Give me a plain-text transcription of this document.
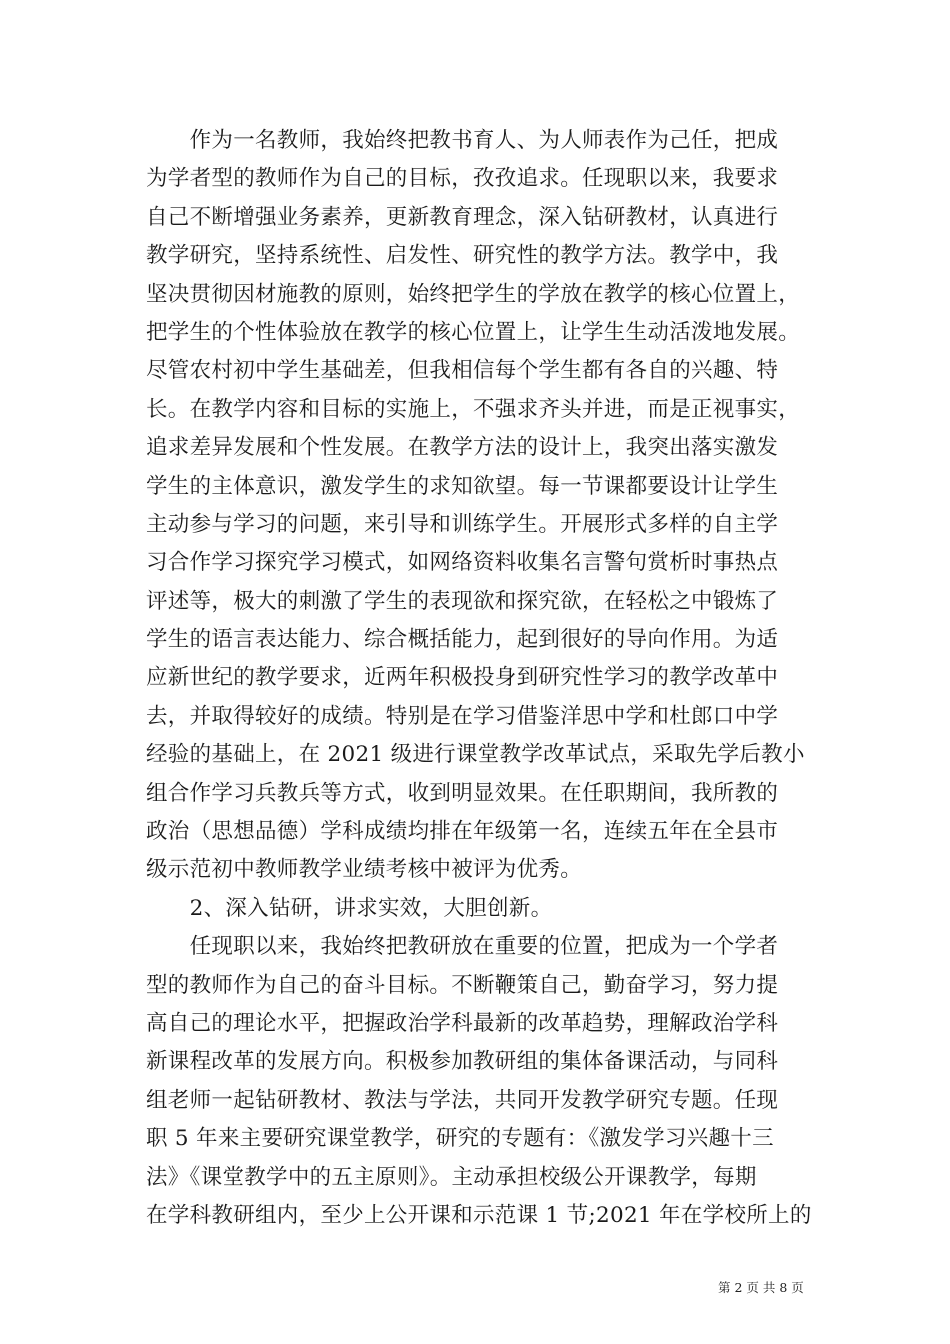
　　作为一名教师，我始终把教书育人、为人师表作为己任，把成
为学者型的教师作为自己的目标，孜孜追求。任现职以来，我要求
自己不断增强业务素养，更新教育理念，深入钻研教材，认真进行
教学研究，坚持系统性、启发性、研究性的教学方法。教学中，我
坚决贯彻因材施教的原则，始终把学生的学放在教学的核心位置上，
把学生的个性体验放在教学的核心位置上，让学生生动活泼地发展。
尽管农村初中学生基础差，但我相信每个学生都有各自的兴趣、特
长。在教学内容和目标的实施上，不强求齐头并进，而是正视事实，
追求差异发展和个性发展。在教学方法的设计上，我突出落实激发
学生的主体意识，激发学生的求知欲望。每一节课都要设计让学生
主动参与学习的问题，来引导和训练学生。开展形式多样的自主学
习合作学习探究学习模式，如网络资料收集名言警句赏析时事热点
评述等，极大的刺激了学生的表现欲和探究欲，在轻松之中锻炼了
学生的语言表达能力、综合概括能力，起到很好的导向作用。为适
应新世纪的教学要求，近两年积极投身到研究性学习的教学改革中
去，并取得较好的成绩。特别是在学习借鉴洋思中学和杜郎口中学
经验的基础上，在 2021 级进行课堂教学改革试点，采取先学后教小
组合作学习兵教兵等方式，收到明显效果。在任职期间，我所教的
政治（思想品德）学科成绩均排在年级第一名，连续五年在全县市
级示范初中教师教学业绩考核中被评为优秀。
　　2、深入钻研，讲求实效，大胆创新。
　　任现职以来，我始终把教研放在重要的位置，把成为一个学者
型的教师作为自己的奋斗目标。不断鞭策自己，勤奋学习，努力提
高自己的理论水平，把握政治学科最新的改革趋势，理解政治学科
新课程改革的发展方向。积极参加教研组的集体备课活动，与同科
组老师一起钻研教材、教法与学法，共同开发教学研究专题。任现
职 5 年来主要研究课堂教学，研究的专题有：《激发学习兴趣十三
法》《课堂教学中的五主原则》。主动承担校级公开课教学，每期
在学科教研组内，至少上公开课和示范课 1 节;2021 年在学校所上的
第 2 页 共 8 页
